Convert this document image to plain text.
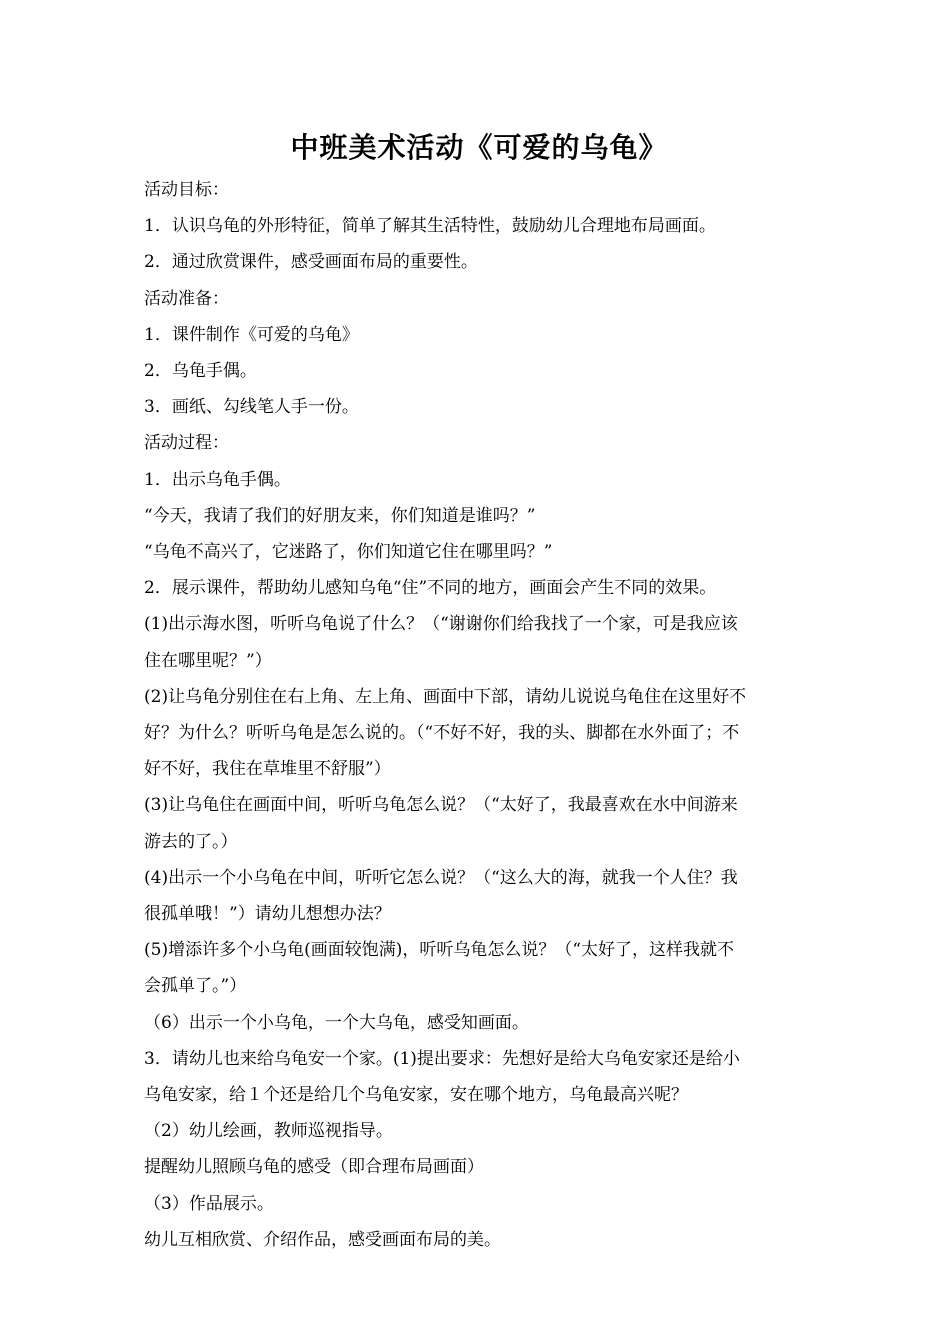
中班美术活动《可爱的乌龟》

活动目标：

1．认识乌龟的外形特征，简单了解其生活特性，鼓励幼儿合理地布局画面。

2．通过欣赏课件，感受画面布局的重要性。

活动准备：

1．课件制作《可爱的乌龟》

2．乌龟手偶。

3．画纸、勾线笔人手一份。

活动过程：

1．出示乌龟手偶。

“今天，我请了我们的好朋友来，你们知道是谁吗？”

“乌龟不高兴了，它迷路了，你们知道它住在哪里吗？”

2．展示课件，帮助幼儿感知乌龟“住”不同的地方，画面会产生不同的效果。

(1)出示海水图，听听乌龟说了什么？（“谢谢你们给我找了一个家，可是我应该

住在哪里呢？”）

(2)让乌龟分别住在右上角、左上角、画面中下部，请幼儿说说乌龟住在这里好不

好？为什么？听听乌龟是怎么说的。（“不好不好，我的头、脚都在水外面了；不

好不好，我住在草堆里不舒服”）

(3)让乌龟住在画面中间，听听乌龟怎么说？（“太好了，我最喜欢在水中间游来

游去的了。）

(4)出示一个小乌龟在中间，听听它怎么说？（“这么大的海，就我一个人住？我

很孤单哦！”）请幼儿想想办法？

(5)增添许多个小乌龟(画面较饱满)，听听乌龟怎么说？（“太好了，这样我就不

会孤单了。”）

（6）出示一个小乌龟，一个大乌龟，感受知画面。

3．请幼儿也来给乌龟安一个家。(1)提出要求：先想好是给大乌龟安家还是给小

乌龟安家，给１个还是给几个乌龟安家，安在哪个地方，乌龟最高兴呢？

（2）幼儿绘画，教师巡视指导。

提醒幼儿照顾乌龟的感受（即合理布局画面）

（3）作品展示。

幼儿互相欣赏、介绍作品，感受画面布局的美。
